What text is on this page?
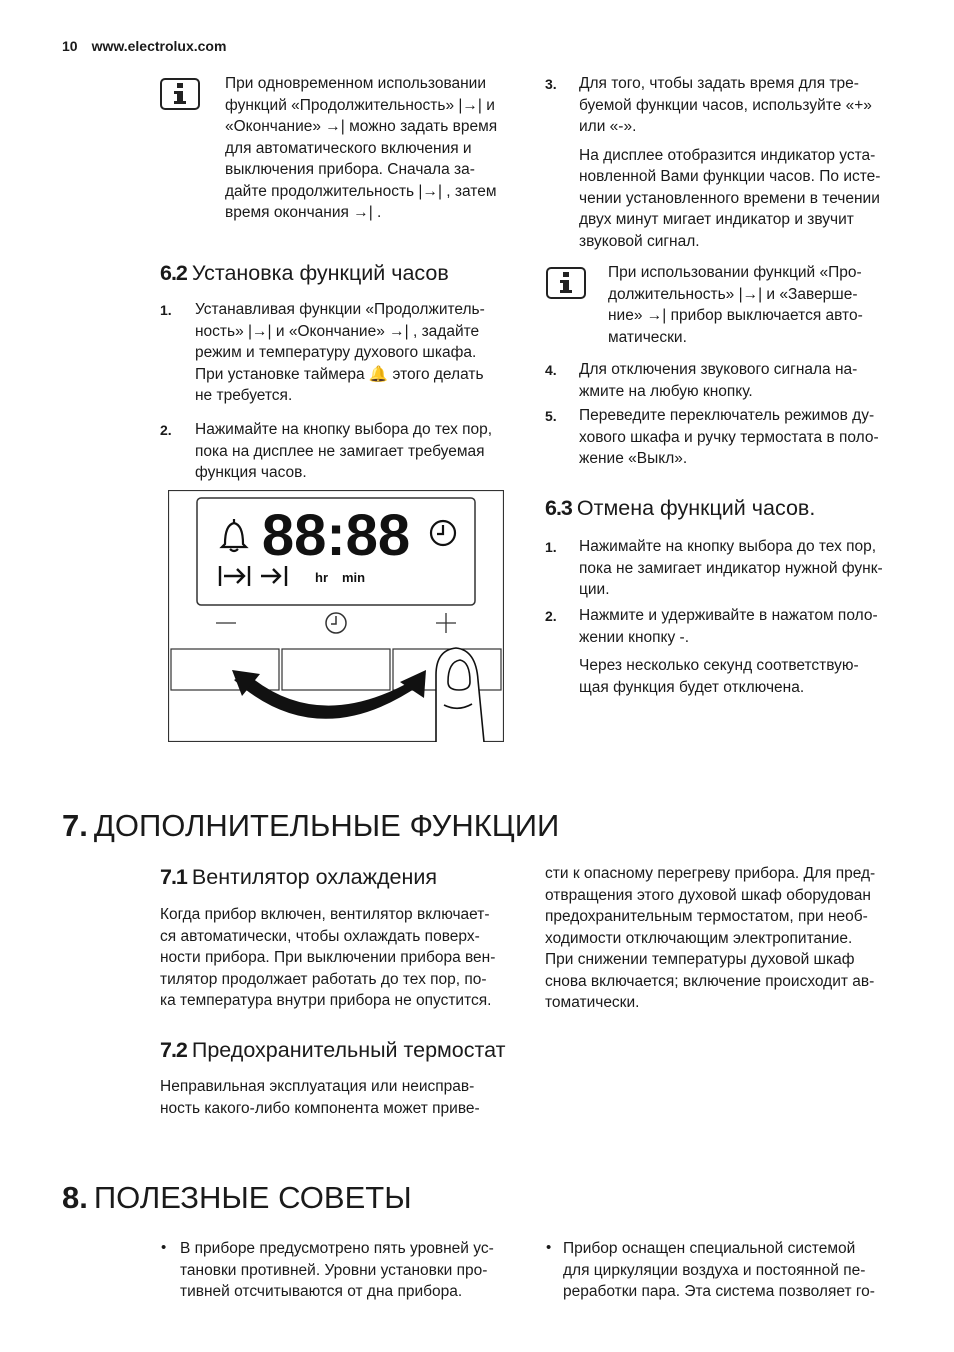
10 www.electrolux.com

При одновременном использовании

функций «Продолжительность» |→| и

«Окончание» →| можно задать время

для автоматического включения и

выключения прибора. Сначала за-

дайте продолжительность |→| , затем

время окончания →| .

6.2 Установка функций часов
1. Устанавливая функции «Продолжитель-

ность» |→| и «Окончание» →| , задайте

режим и температуру духового шкафа.

При установке таймера 🔔 этого делать

не требуется.

2. Нажимайте на кнопку выбора до тех пор,

пока на дисплее не замигает требуемая

функция часов.

88:88
hr min
3. Для того, чтобы задать время для тре-

буемой функции часов, используйте «+»

или «-».

На дисплее отобразится индикатор уста-

новленной Вами функции часов. По исте-

чении установленного времени в течении

двух минут мигает индикатор и звучит

звуковой сигнал.

При использовании функций «Про-

должительность» |→| и «Заверше-

ние» →| прибор выключается авто-

матически.

4. Для отключения звукового сигнала на-

жмите на любую кнопку.

5. Переведите переключатель режимов ду-

хового шкафа и ручку термостата в поло-

жение «Выкл».

6.3 Отмена функций часов.
1. Нажимайте на кнопку выбора до тех пор,

пока не замигает индикатор нужной функ-

ции.

2. Нажмите и удерживайте в нажатом поло-

жении кнопку -.

Через несколько секунд соответствую-

щая функция будет отключена.

7. ДОПОЛНИТЕЛЬНЫЕ ФУНКЦИИ
7.1 Вентилятор охлаждения

Когда прибор включен, вентилятор включает-

ся автоматически, чтобы охлаждать поверх-

ности прибора. При выключении прибора вен-

тилятор продолжает работать до тех пор, по-

ка температура внутри прибора не опустится.

7.2 Предохранительный термостат

Неправильная эксплуатация или неисправ-

ность какого-либо компонента может приве-

сти к опасному перегреву прибора. Для пред-

отвращения этого духовой шкаф оборудован

предохранительным термостатом, при необ-

ходимости отключающим электропитание.

При снижении температуры духовой шкаф

снова включается; включение происходит ав-

томатически.

8. ПОЛЕЗНЫЕ СОВЕТЫ
• В приборе предусмотрено пять уровней ус-

тановки противней. Уровни установки про-

тивней отсчитываются от дна прибора.

• Прибор оснащен специальной системой

для циркуляции воздуха и постоянной пе-

реработки пара. Эта система позволяет го-
